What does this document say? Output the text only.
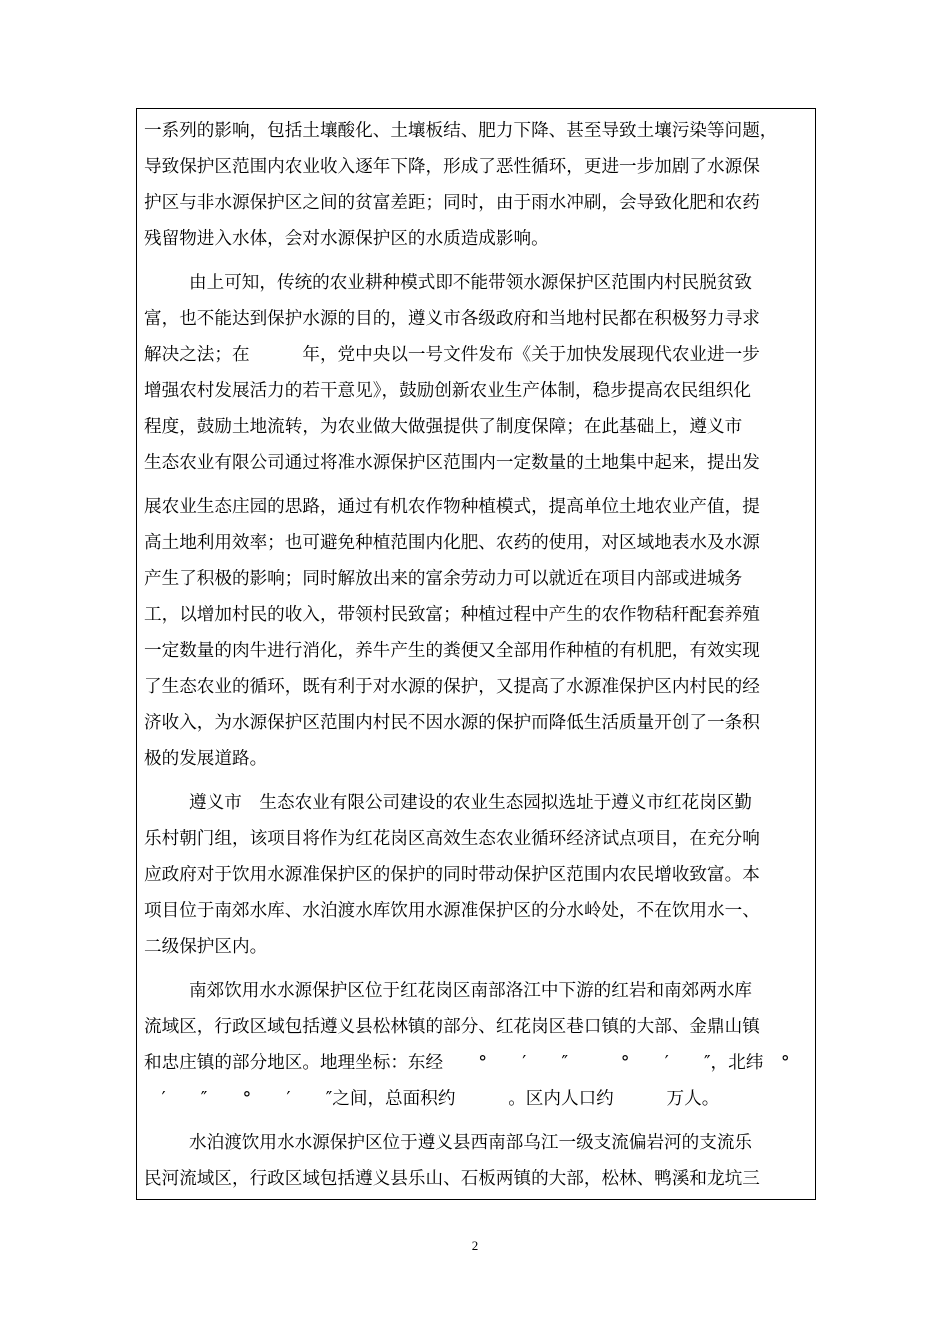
一系列的影响，包括土壤酸化、土壤板结、肥力下降、甚至导致土壤污染等问题，
导致保护区范围内农业收入逐年下降，形成了恶性循环，更进一步加剧了水源保
护区与非水源保护区之间的贫富差距；同时，由于雨水冲刷，会导致化肥和农药
残留物进入水体，会对水源保护区的水质造成影响。
由上可知，传统的农业耕种模式即不能带领水源保护区范围内村民脱贫致
富，也不能达到保护水源的目的，遵义市各级政府和当地村民都在积极努力寻求
解决之法；在　　　年，党中央以一号文件发布《关于加快发展现代农业进一步
增强农村发展活力的若干意见》，鼓励创新农业生产体制，稳步提高农民组织化
程度，鼓励土地流转，为农业做大做强提供了制度保障；在此基础上，遵义市
生态农业有限公司通过将准水源保护区范围内一定数量的土地集中起来，提出发
展农业生态庄园的思路，通过有机农作物种植模式，提高单位土地农业产值，提
高土地利用效率；也可避免种植范围内化肥、农药的使用，对区域地表水及水源
产生了积极的影响；同时解放出来的富余劳动力可以就近在项目内部或进城务
工，以增加村民的收入，带领村民致富；种植过程中产生的农作物秸秆配套养殖
一定数量的肉牛进行消化，养牛产生的粪便又全部用作种植的有机肥，有效实现
了生态农业的循环，既有利于对水源的保护，又提高了水源准保护区内村民的经
济收入，为水源保护区范围内村民不因水源的保护而降低生活质量开创了一条积
极的发展道路。
遵义市　生态农业有限公司建设的农业生态园拟选址于遵义市红花岗区勤
乐村朝门组，该项目将作为红花岗区高效生态农业循环经济试点项目，在充分响
应政府对于饮用水源准保护区的保护的同时带动保护区范围内农民增收致富。本
项目位于南郊水库、水泊渡水库饮用水源准保护区的分水岭处，不在饮用水一、
二级保护区内。
南郊饮用水水源保护区位于红花岗区南部洛江中下游的红岩和南郊两水库
流域区，行政区域包括遵义县松林镇的部分、红花岗区巷口镇的大部、金鼎山镇
和忠庄镇的部分地区。地理坐标：东经　　°　　′　　″　　　°　　′　　″，北纬　°
　′　　″　　°　　′　　″之间，总面积约　　　。区内人口约　　　万人。
水泊渡饮用水水源保护区位于遵义县西南部乌江一级支流偏岩河的支流乐
民河流域区，行政区域包括遵义县乐山、石板两镇的大部，松林、鸭溪和龙坑三
2
